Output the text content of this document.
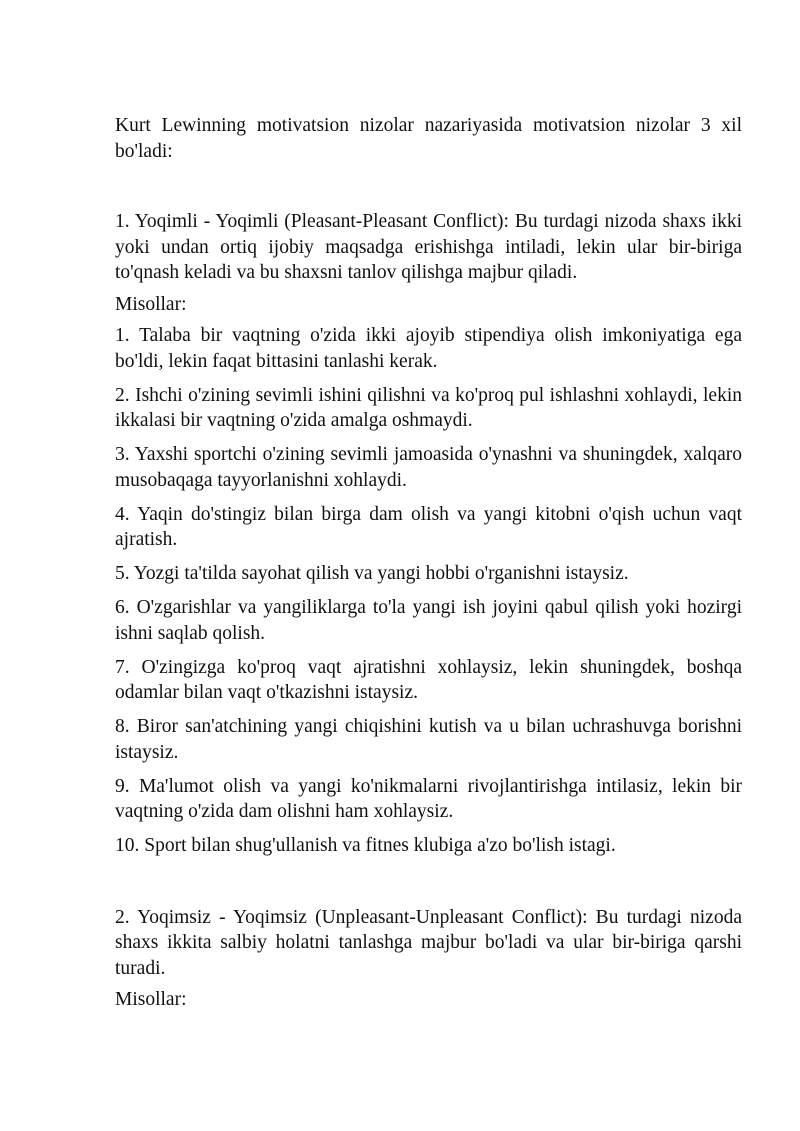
Kurt Lewinning motivatsion nizolar nazariyasida motivatsion nizolar 3 xil bo'ladi:

1. Yoqimli - Yoqimli (Pleasant-Pleasant Conflict): Bu turdagi nizoda shaxs ikki yoki undan ortiq ijobiy maqsadga erishishga intiladi, lekin ular bir-biriga to'qnash keladi va bu shaxsni tanlov qilishga majbur qiladi.

Misollar:

1. Talaba bir vaqtning o'zida ikki ajoyib stipendiya olish imkoniyatiga ega bo'ldi, lekin faqat bittasini tanlashi kerak.

2. Ishchi o'zining sevimli ishini qilishni va ko'proq pul ishlashni xohlaydi, lekin ikkalasi bir vaqtning o'zida amalga oshmaydi.

3. Yaxshi sportchi o'zining sevimli jamoasida o'ynashni va shuningdek, xalqaro musobaqaga tayyorlanishni xohlaydi.

4. Yaqin do'stingiz bilan birga dam olish va yangi kitobni o'qish uchun vaqt ajratish.

5. Yozgi ta'tilda sayohat qilish va yangi hobbi o'rganishni istaysiz.

6. O'zgarishlar va yangiliklarga to'la yangi ish joyini qabul qilish yoki hozirgi ishni saqlab qolish.

7. O'zingizga ko'proq vaqt ajratishni xohlaysiz, lekin shuningdek, boshqa odamlar bilan vaqt o'tkazishni istaysiz.

8. Biror san'atchining yangi chiqishini kutish va u bilan uchrashuvga borishni istaysiz.

9. Ma'lumot olish va yangi ko'nikmalarni rivojlantirishga intilasiz, lekin bir vaqtning o'zida dam olishni ham xohlaysiz.

10. Sport bilan shug'ullanish va fitnes klubiga a'zo bo'lish istagi.

2. Yoqimsiz - Yoqimsiz (Unpleasant-Unpleasant Conflict): Bu turdagi nizoda shaxs ikkita salbiy holatni tanlashga majbur bo'ladi va ular bir-biriga qarshi turadi.

Misollar:
